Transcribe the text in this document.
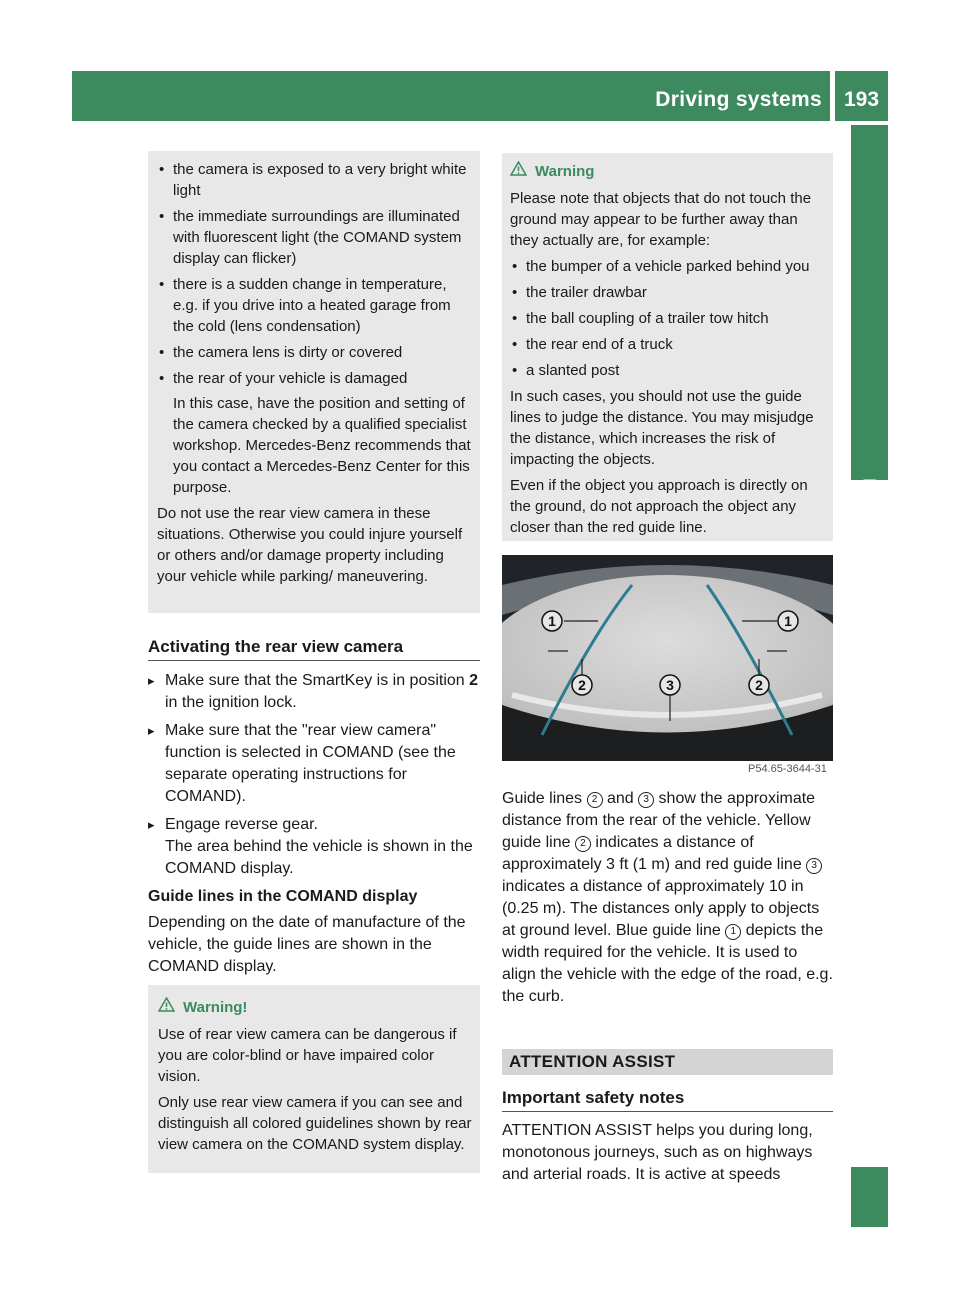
Driving systems	193
Driving and parking
• the camera is exposed to a very bright white light
• the immediate surroundings are illuminated with fluorescent light (the COMAND system display can flicker)
• there is a sudden change in temperature, e.g. if you drive into a heated garage from the cold (lens condensation)
• the camera lens is dirty or covered
• the rear of your vehicle is damaged
In this case, have the position and setting of the camera checked by a qualified specialist workshop. Mercedes-Benz recommends that you contact a Mercedes-Benz Center for this purpose.

Do not use the rear view camera in these situations. Otherwise you could injure yourself or others and/or damage property including your vehicle while parking/ maneuvering.

Activating the rear view camera
▸ Make sure that the SmartKey is in position 2 in the ignition lock.
▸ Make sure that the "rear view camera" function is selected in COMAND (see the separate operating instructions for COMAND).
▸ Engage reverse gear.
The area behind the vehicle is shown in the COMAND display.
Guide lines in the COMAND display
Depending on the date of manufacture of the vehicle, the guide lines are shown in the COMAND display.
Warning!

Use of rear view camera can be dangerous if you are color-blind or have impaired color vision.

Only use rear view camera if you can see and distinguish all colored guidelines shown by rear view camera on the COMAND system display.

Warning

Please note that objects that do not touch the ground may appear to be further away than they actually are, for example:

• the bumper of a vehicle parked behind you
• the trailer drawbar
• the ball coupling of a trailer tow hitch
• the rear end of a truck
• a slanted post

In such cases, you should not use the guide lines to judge the distance. You may misjudge the distance, which increases the risk of impacting the objects.

Even if the object you approach is directly on the ground, do not approach the object any closer than the red guide line.

1	1
2	3	2
P54.65-3644-31
Guide lines 2 and 3 show the approximate distance from the rear of the vehicle. Yellow guide line 2 indicates a distance of approximately 3 ft (1 m) and red guide line 3 indicates a distance of approximately 10 in (0.25 m). The distances only apply to objects at ground level. Blue guide line 1 depicts the width required for the vehicle. It is used to align the vehicle with the edge of the road, e.g. the curb.
ATTENTION ASSIST
Important safety notes
ATTENTION ASSIST helps you during long, monotonous journeys, such as on highways and arterial roads. It is active at speeds
